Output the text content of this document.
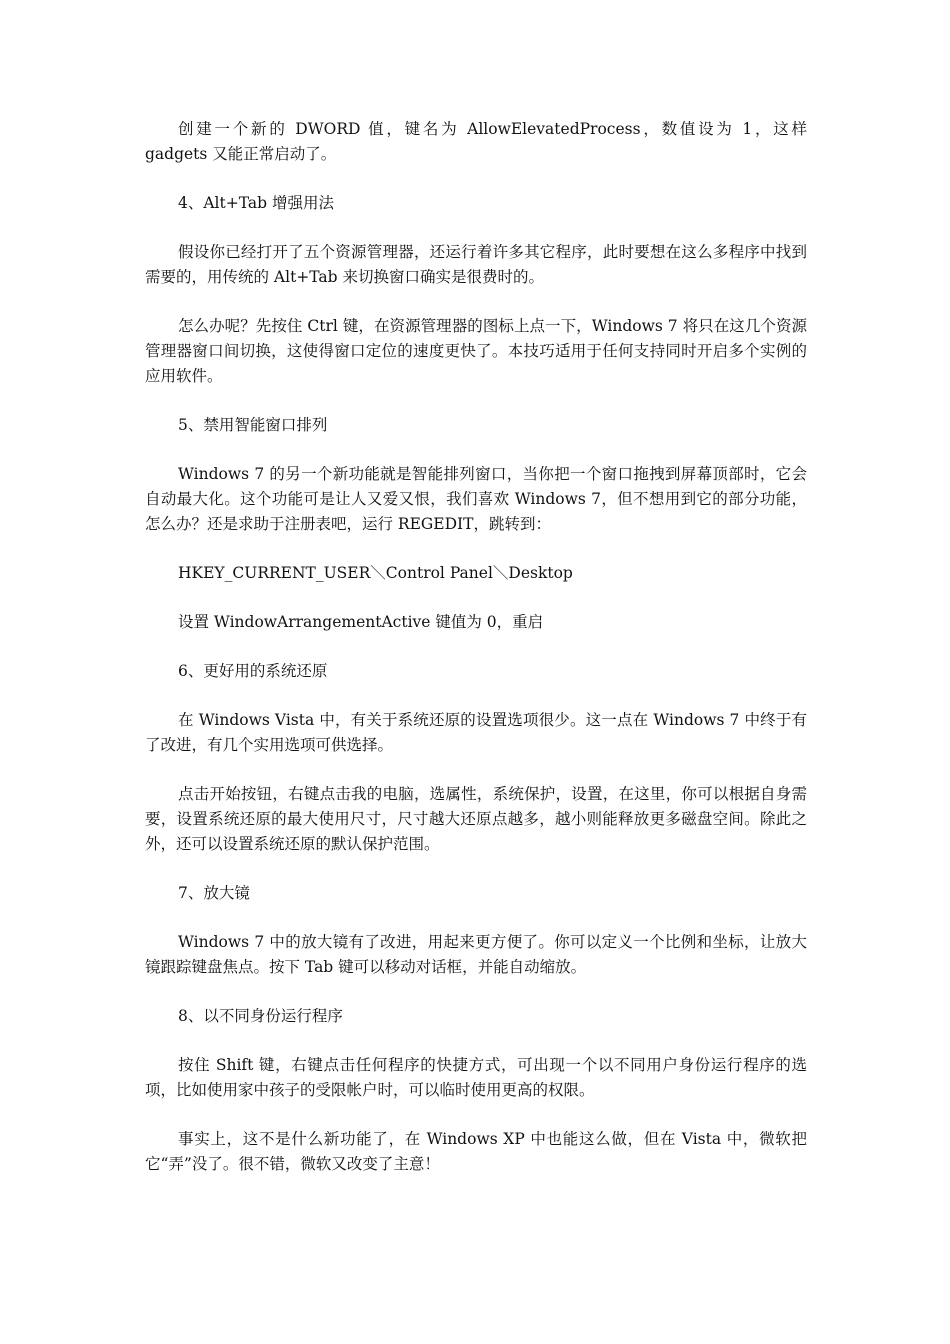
创建一个新的 DWORD 值，键名为 AllowElevatedProcess，数值设为 1，这样 gadgets 又能正常启动了。

4、Alt+Tab 增强用法

假设你已经打开了五个资源管理器，还运行着许多其它程序，此时要想在这么多程序中找到需要的，用传统的 Alt+Tab 来切换窗口确实是很费时的。

怎么办呢？先按住 Ctrl 键，在资源管理器的图标上点一下，Windows 7 将只在这几个资源管理器窗口间切换，这使得窗口定位的速度更快了。本技巧适用于任何支持同时开启多个实例的应用软件。

5、禁用智能窗口排列

Windows 7 的另一个新功能就是智能排列窗口，当你把一个窗口拖拽到屏幕顶部时，它会自动最大化。这个功能可是让人又爱又恨，我们喜欢 Windows 7，但不想用到它的部分功能，怎么办？还是求助于注册表吧，运行 REGEDIT，跳转到：

HKEY_CURRENT_USER＼Control Panel＼Desktop

设置 WindowArrangementActive 键值为 0，重启

6、更好用的系统还原

在 Windows Vista 中，有关于系统还原的设置选项很少。这一点在 Windows 7 中终于有了改进，有几个实用选项可供选择。

点击开始按钮，右键点击我的电脑，选属性，系统保护，设置，在这里，你可以根据自身需要，设置系统还原的最大使用尺寸，尺寸越大还原点越多，越小则能释放更多磁盘空间。除此之外，还可以设置系统还原的默认保护范围。

7、放大镜

Windows 7 中的放大镜有了改进，用起来更方便了。你可以定义一个比例和坐标，让放大镜跟踪键盘焦点。按下 Tab 键可以移动对话框，并能自动缩放。

8、以不同身份运行程序

按住 Shift 键，右键点击任何程序的快捷方式，可出现一个以不同用户身份运行程序的选项，比如使用家中孩子的受限帐户时，可以临时使用更高的权限。

事实上，这不是什么新功能了，在 Windows XP 中也能这么做，但在 Vista 中，微软把它“弄”没了。很不错，微软又改变了主意！
